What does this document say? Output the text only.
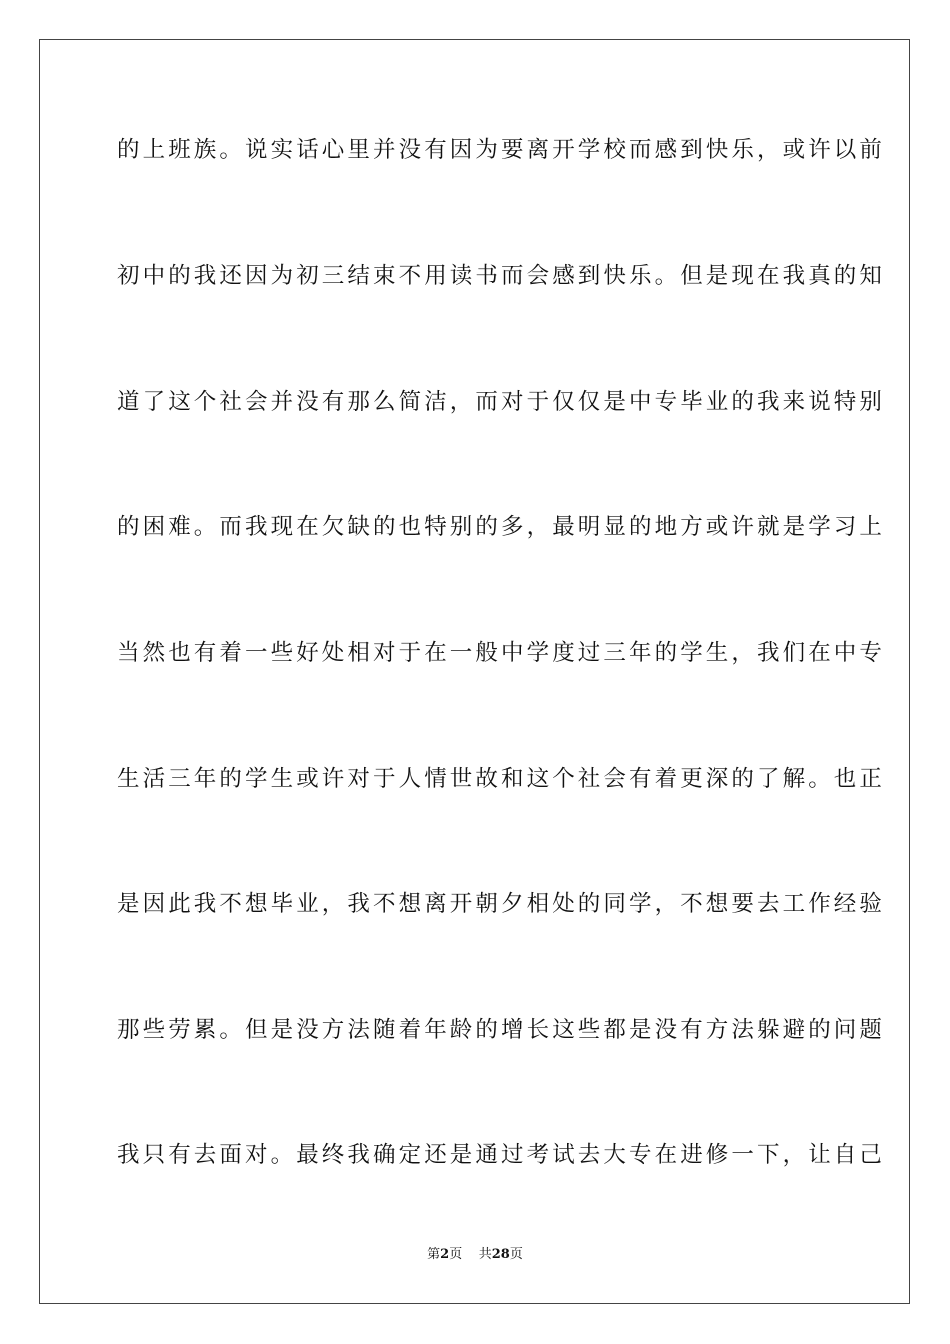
的上班族。说实话心里并没有因为要离开学校而感到快乐，或许以前
初中的我还因为初三结束不用读书而会感到快乐。但是现在我真的知
道了这个社会并没有那么简洁，而对于仅仅是中专毕业的我来说特别
的困难。而我现在欠缺的也特别的多，最明显的地方或许就是学习上
当然也有着一些好处相对于在一般中学度过三年的学生，我们在中专
生活三年的学生或许对于人情世故和这个社会有着更深的了解。也正
是因此我不想毕业，我不想离开朝夕相处的同学，不想要去工作经验
那些劳累。但是没方法随着年龄的增长这些都是没有方法躲避的问题
我只有去面对。最终我确定还是通过考试去大专在进修一下，让自己
第2页 共28页
